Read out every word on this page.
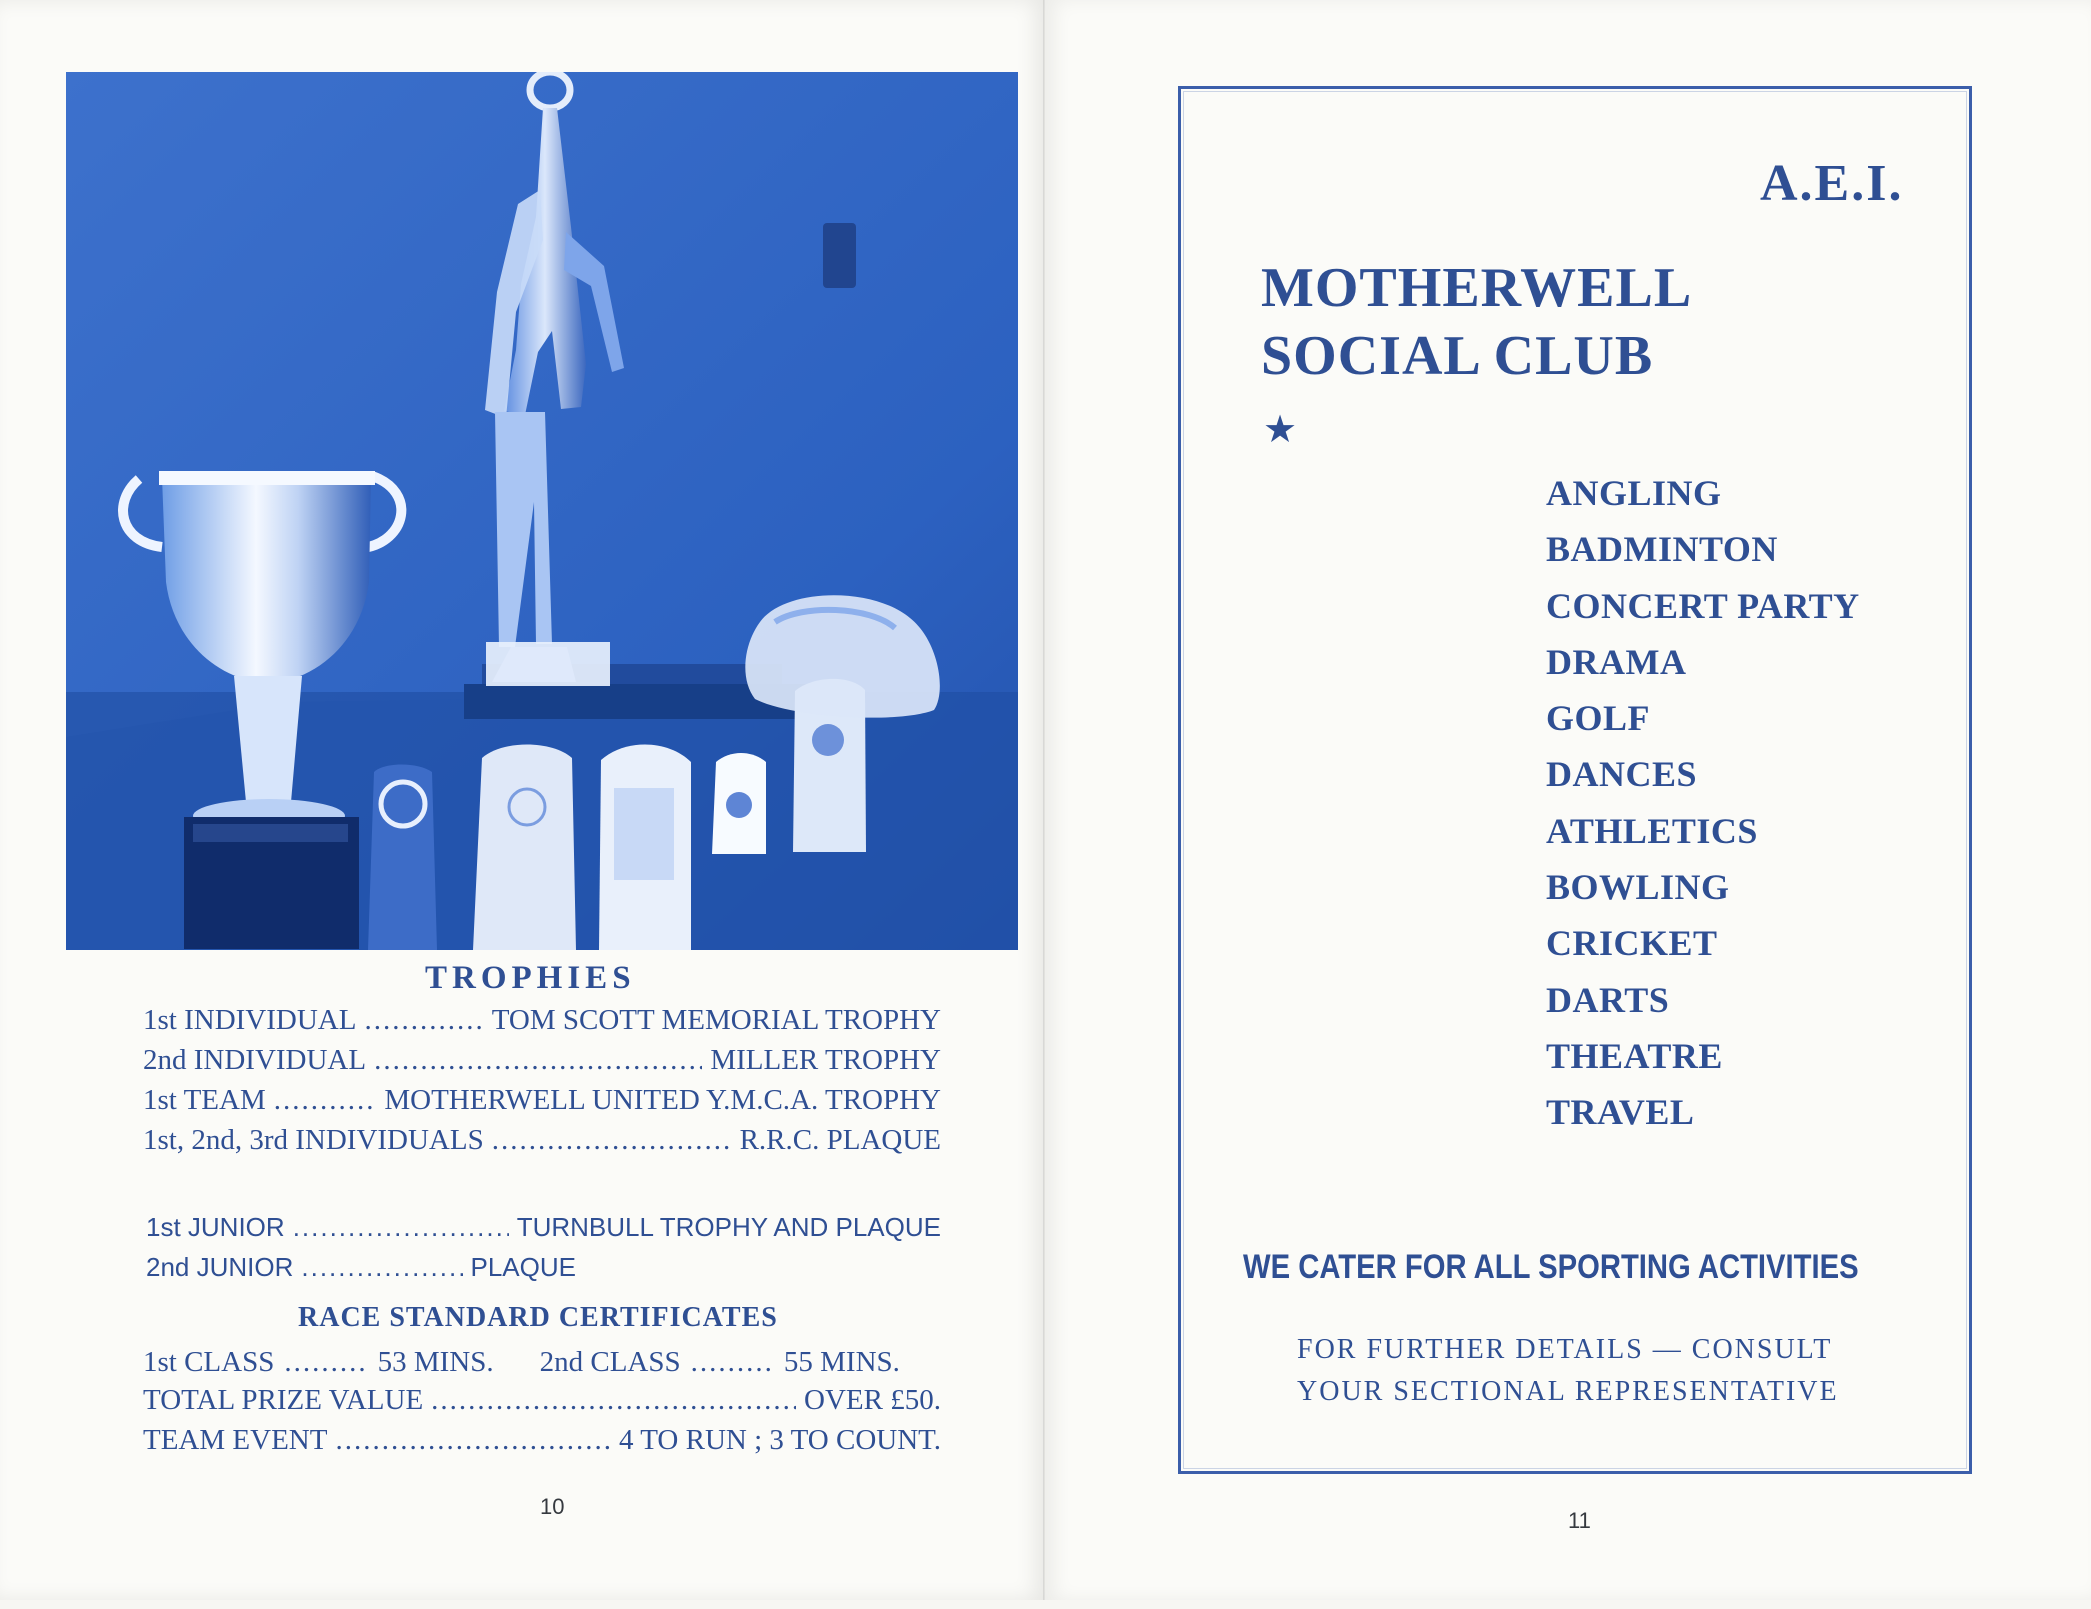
TROPHIES
1st INDIVIDUAL .....	TOM SCOTT MEMORIAL TROPHY
2nd INDIVIDUAL .....	MILLER TROPHY
1st TEAM .....	MOTHERWELL UNITED Y.M.C.A. TROPHY
1st, 2nd, 3rd INDIVIDUALS .....	R.R.C. PLAQUE
1st JUNIOR .....	TURNBULL TROPHY AND PLAQUE
2nd JUNIOR .....	PLAQUE
RACE STANDARD CERTIFICATES
1st CLASS ......... 53 MINS. 2nd CLASS ......... 55 MINS.
TOTAL PRIZE VALUE .....	OVER £50.
TEAM EVENT .....	4 TO RUN ; 3 TO COUNT.
10
A.E.I.
MOTHERWELL
SOCIAL CLUB
★
ANGLING
BADMINTON
CONCERT PARTY
DRAMA
GOLF
DANCES
ATHLETICS
BOWLING
CRICKET
DARTS
THEATRE
TRAVEL
WE CATER FOR ALL SPORTING ACTIVITIES
FOR FURTHER DETAILS — CONSULT
YOUR SECTIONAL REPRESENTATIVE
11
